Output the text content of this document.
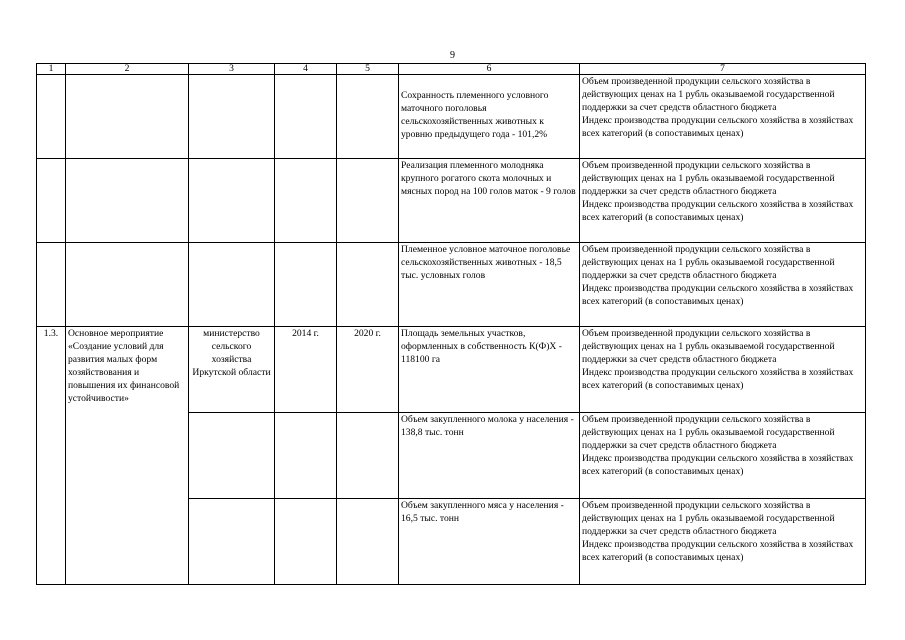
9
1	2	3	4	5	6	7
					Сохранность племенного условного маточного поголовья сельскохозяйственных животных к уровню предыдущего года - 101,2%	Объем произведенной продукции сельского хозяйства в действующих ценах на 1 рубль оказываемой государственной поддержки за счет средств областного бюджета
Индекс производства продукции сельского хозяйства в хозяйствах всех категорий (в сопоставимых ценах)

					Реализация племенного молодняка крупного рогатого скота молочных и мясных пород на 100 голов маток - 9 голов	Объем произведенной продукции сельского хозяйства в действующих ценах на 1 рубль оказываемой государственной поддержки за счет средств областного бюджета
Индекс производства продукции сельского хозяйства в хозяйствах всех категорий (в сопоставимых ценах)

					Племенное условное маточное поголовье сельскохозяйственных животных - 18,5 тыс. условных голов	Объем произведенной продукции сельского хозяйства в действующих ценах на 1 рубль оказываемой государственной поддержки за счет средств областного бюджета
Индекс производства продукции сельского хозяйства в хозяйствах всех категорий (в сопоставимых ценах)

1.3.	Основное мероприятие «Создание условий для развития малых форм хозяйствования и повышения их финансовой устойчивости»	министерство сельского хозяйства Иркутской области	2014 г.	2020 г.	Площадь земельных участков, оформленных в собственность К(Ф)Х - 118100 га	Объем произведенной продукции сельского хозяйства в действующих ценах на 1 рубль оказываемой государственной поддержки за счет средств областного бюджета
Индекс производства продукции сельского хозяйства в хозяйствах всех категорий (в сопоставимых ценах)

					Объем закупленного молока у населения - 138,8 тыс. тонн	Объем произведенной продукции сельского хозяйства в действующих ценах на 1 рубль оказываемой государственной поддержки за счет средств областного бюджета
Индекс производства продукции сельского хозяйства в хозяйствах всех категорий (в сопоставимых ценах)

					Объем закупленного мяса у населения - 16,5 тыс. тонн	Объем произведенной продукции сельского хозяйства в действующих ценах на 1 рубль оказываемой государственной поддержки за счет средств областного бюджета
Индекс производства продукции сельского хозяйства в хозяйствах всех категорий (в сопоставимых ценах)
